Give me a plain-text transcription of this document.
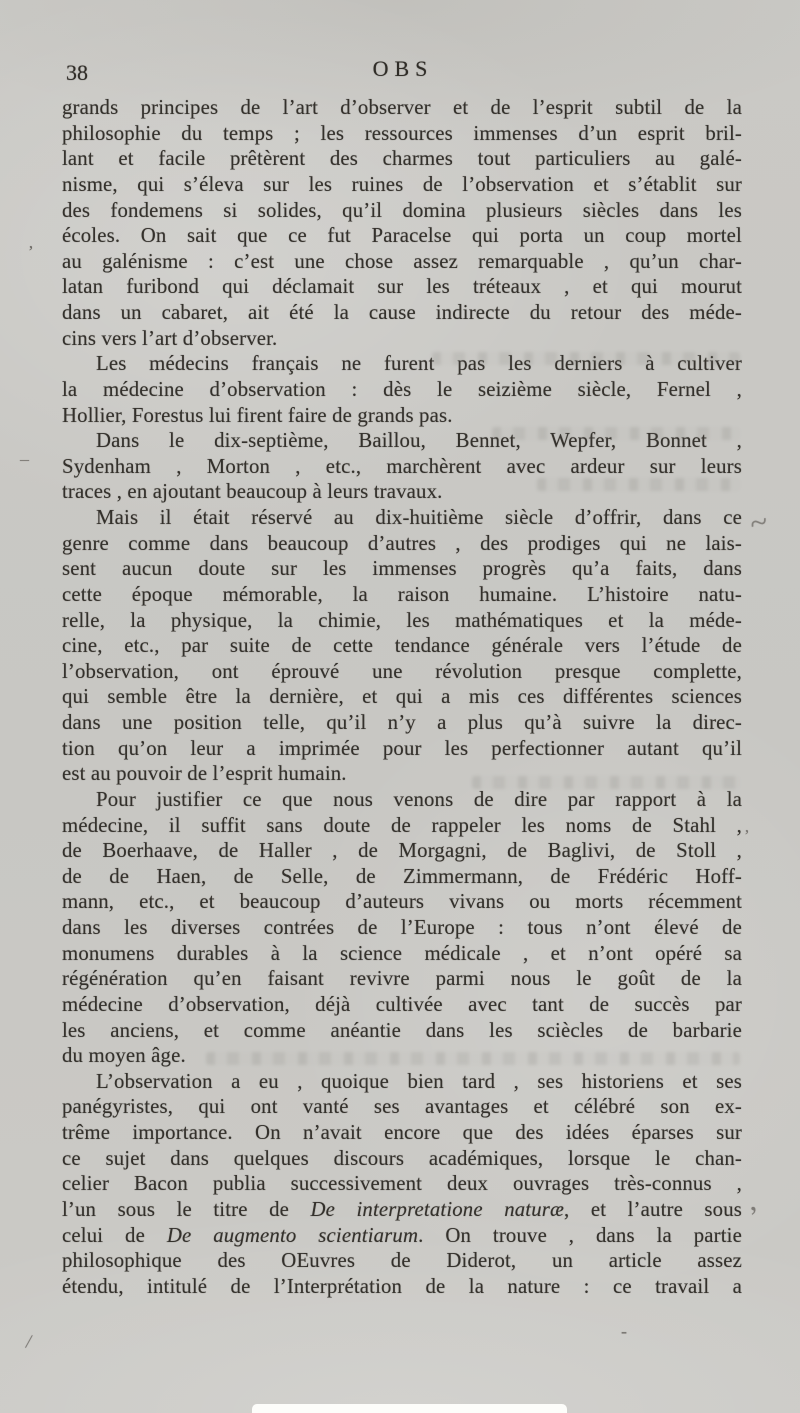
38	OBS
grands principes de l’art d’observer et de l’esprit subtil de la
philosophie du temps ; les ressources immenses d’un esprit bril-
lant et facile prêtèrent des charmes tout particuliers au galé-
nisme, qui s’éleva sur les ruines de l’observation et s’établit sur
des fondemens si solides, qu’il domina plusieurs siècles dans les
écoles. On sait que ce fut Paracelse qui porta un coup mortel
au galénisme : c’est une chose assez remarquable , qu’un char-
latan furibond qui déclamait sur les tréteaux , et qui mourut
dans un cabaret, ait été la cause indirecte du retour des méde-
cins vers l’art d’observer.
Les médecins français ne furent pas les derniers à cultiver
la médecine d’observation : dès le seizième siècle, Fernel ,
Hollier, Forestus lui firent faire de grands pas.
Dans le dix-septième, Baillou, Bennet, Wepfer, Bonnet ,
Sydenham , Morton , etc., marchèrent avec ardeur sur leurs
traces , en ajoutant beaucoup à leurs travaux.
Mais il était réservé au dix-huitième siècle d’offrir, dans ce
genre comme dans beaucoup d’autres , des prodiges qui ne lais-
sent aucun doute sur les immenses progrès qu’a faits, dans
cette époque mémorable, la raison humaine. L’histoire natu-
relle, la physique, la chimie, les mathématiques et la méde-
cine, etc., par suite de cette tendance générale vers l’étude de
l’observation, ont éprouvé une révolution presque complette,
qui semble être la dernière, et qui a mis ces différentes sciences
dans une position telle, qu’il n’y a plus qu’à suivre la direc-
tion qu’on leur a imprimée pour les perfectionner autant qu’il
est au pouvoir de l’esprit humain.
Pour justifier ce que nous venons de dire par rapport à la
médecine, il suffit sans doute de rappeler les noms de Stahl ,
de Boerhaave, de Haller , de Morgagni, de Baglivi, de Stoll ,
de de Haen, de Selle, de Zimmermann, de Frédéric Hoff-
mann, etc., et beaucoup d’auteurs vivans ou morts récemment
dans les diverses contrées de l’Europe : tous n’ont élevé de
monumens durables à la science médicale , et n’ont opéré sa
régénération qu’en faisant revivre parmi nous le goût de la
médecine d’observation, déjà cultivée avec tant de succès par
les anciens, et comme anéantie dans les sciècles de barbarie
du moyen âge.
L’observation a eu , quoique bien tard , ses historiens et ses
panégyristes, qui ont vanté ses avantages et célébré son ex-
trême importance. On n’avait encore que des idées éparses sur
ce sujet dans quelques discours académiques, lorsque le chan-
celier Bacon publia successivement deux ouvrages très-connus ,
l’un sous le titre de De interpretatione naturæ, et l’autre sous
celui de De augmento scientiarum. On trouve , dans la partie
philosophique des OEuvres de Diderot, un article assez
étendu, intitulé de l’Interprétation de la nature : ce travail a
’
–
~
’
,
/	-
